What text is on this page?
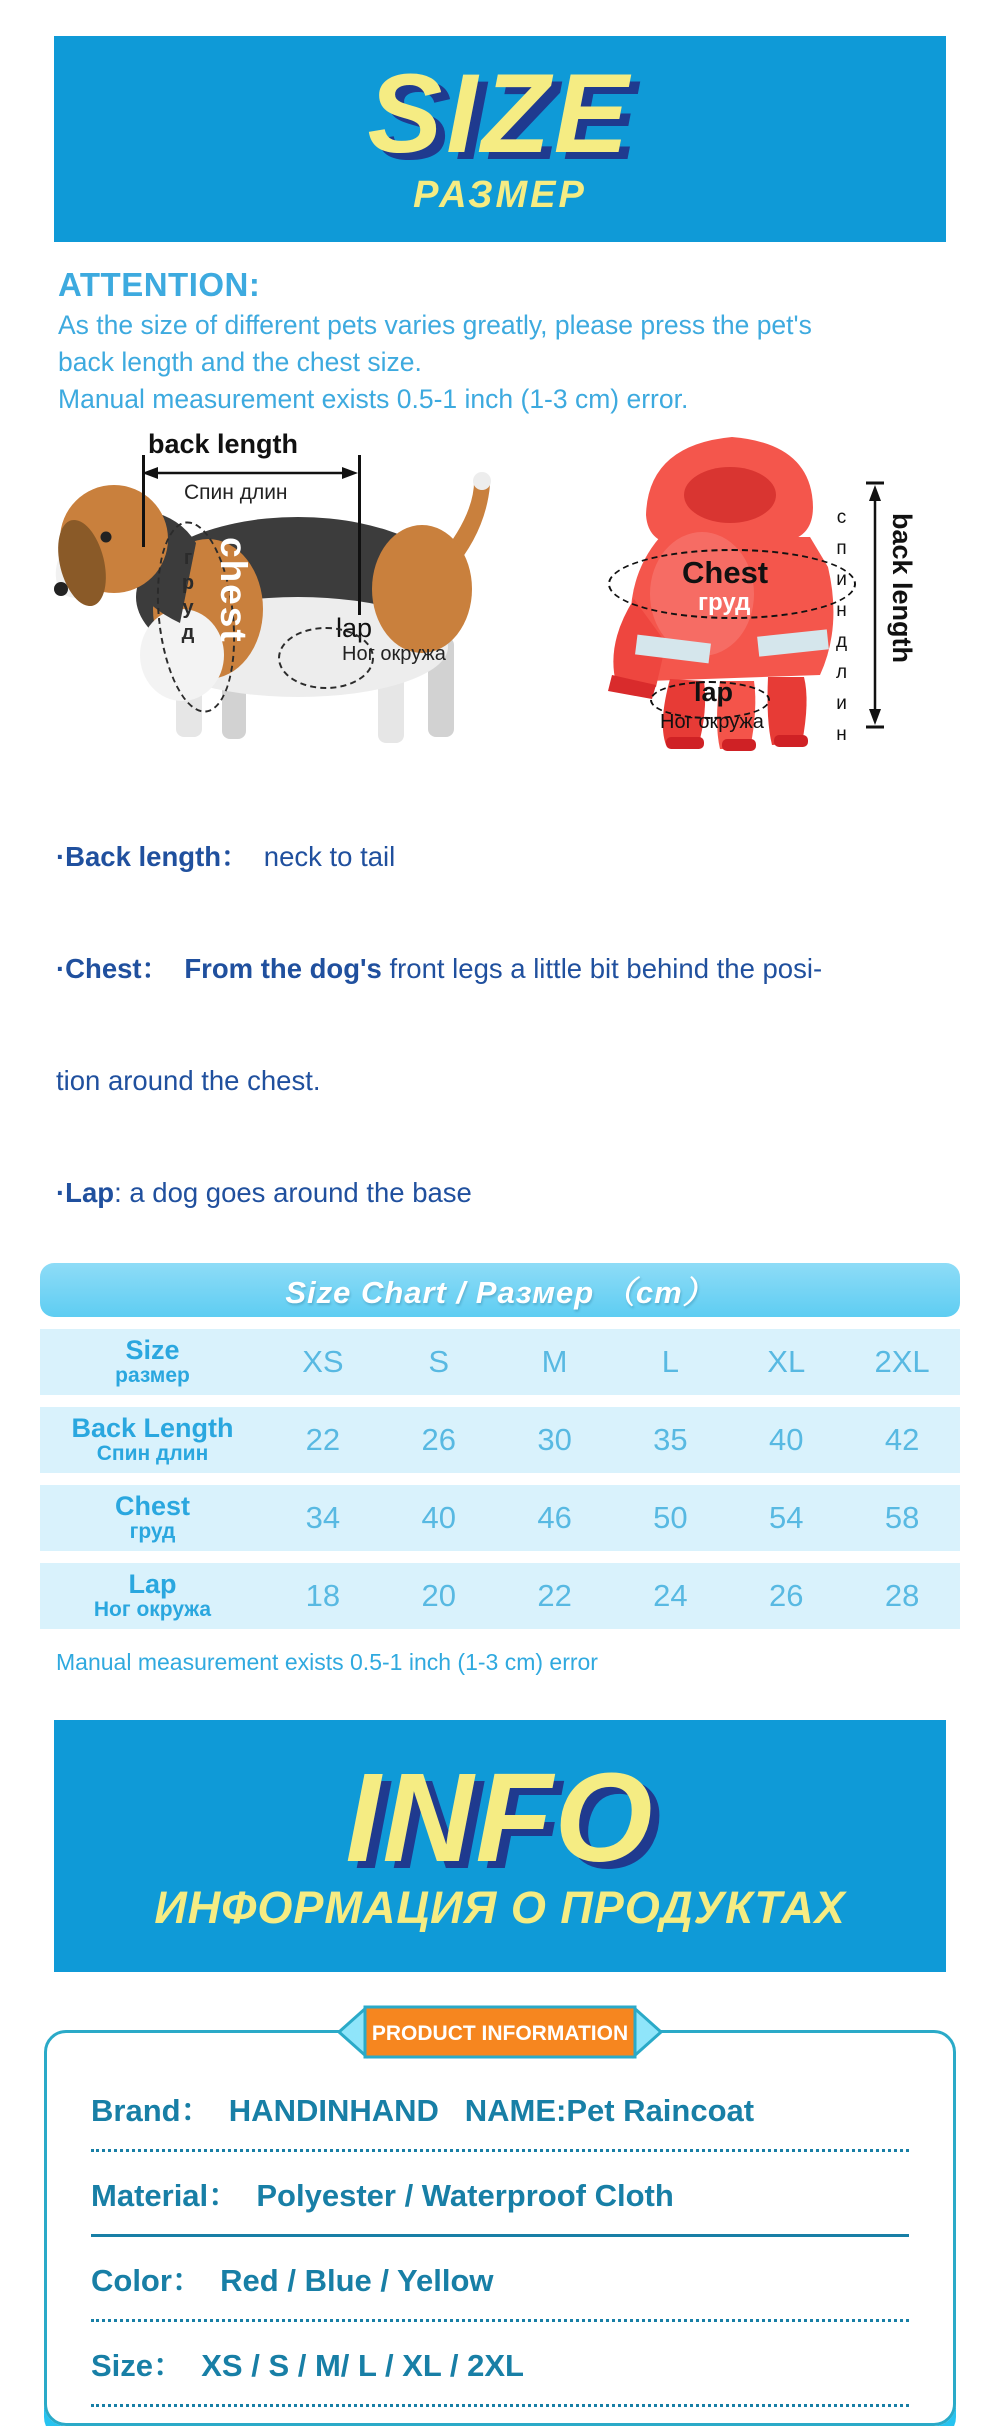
SIZE
РАЗМЕР
ATTENTION:

As the size of different pets varies greatly, please press the pet's

back length and the chest size.

Manual measurement exists 0.5-1 inch (1-3 cm) error.

back length
Спин длин
chest
груд	lap
Ног окружа
Chest
груд
lap
Ног окружа	спиндлин back length

·Back length：  neck to tail

·Chest：  From the dog's front legs a little bit behind the posi-

tion around the chest.

·Lap: a dog goes around the base

Size Chart / Размер （cm）
Size
размер	XS	S	M	L	XL	2XL
Back Length
Спин длин	22	26	30	35	40	42
Chest
груд	34	40	46	50	54	58
Lap
Ног окружа	18	20	22	24	26	28
Manual measurement exists 0.5-1 inch (1-3 cm) error
INFO
ИНФОРМАЦИЯ О ПРОДУКТАХ
PRODUCT INFORMATION
Brand：  HANDINHAND   NAME:Pet Raincoat
Material：  Polyester / Waterproof Cloth
Color：  Red / Blue / Yellow
Size：  XS / S / M/ L / XL / 2XL
